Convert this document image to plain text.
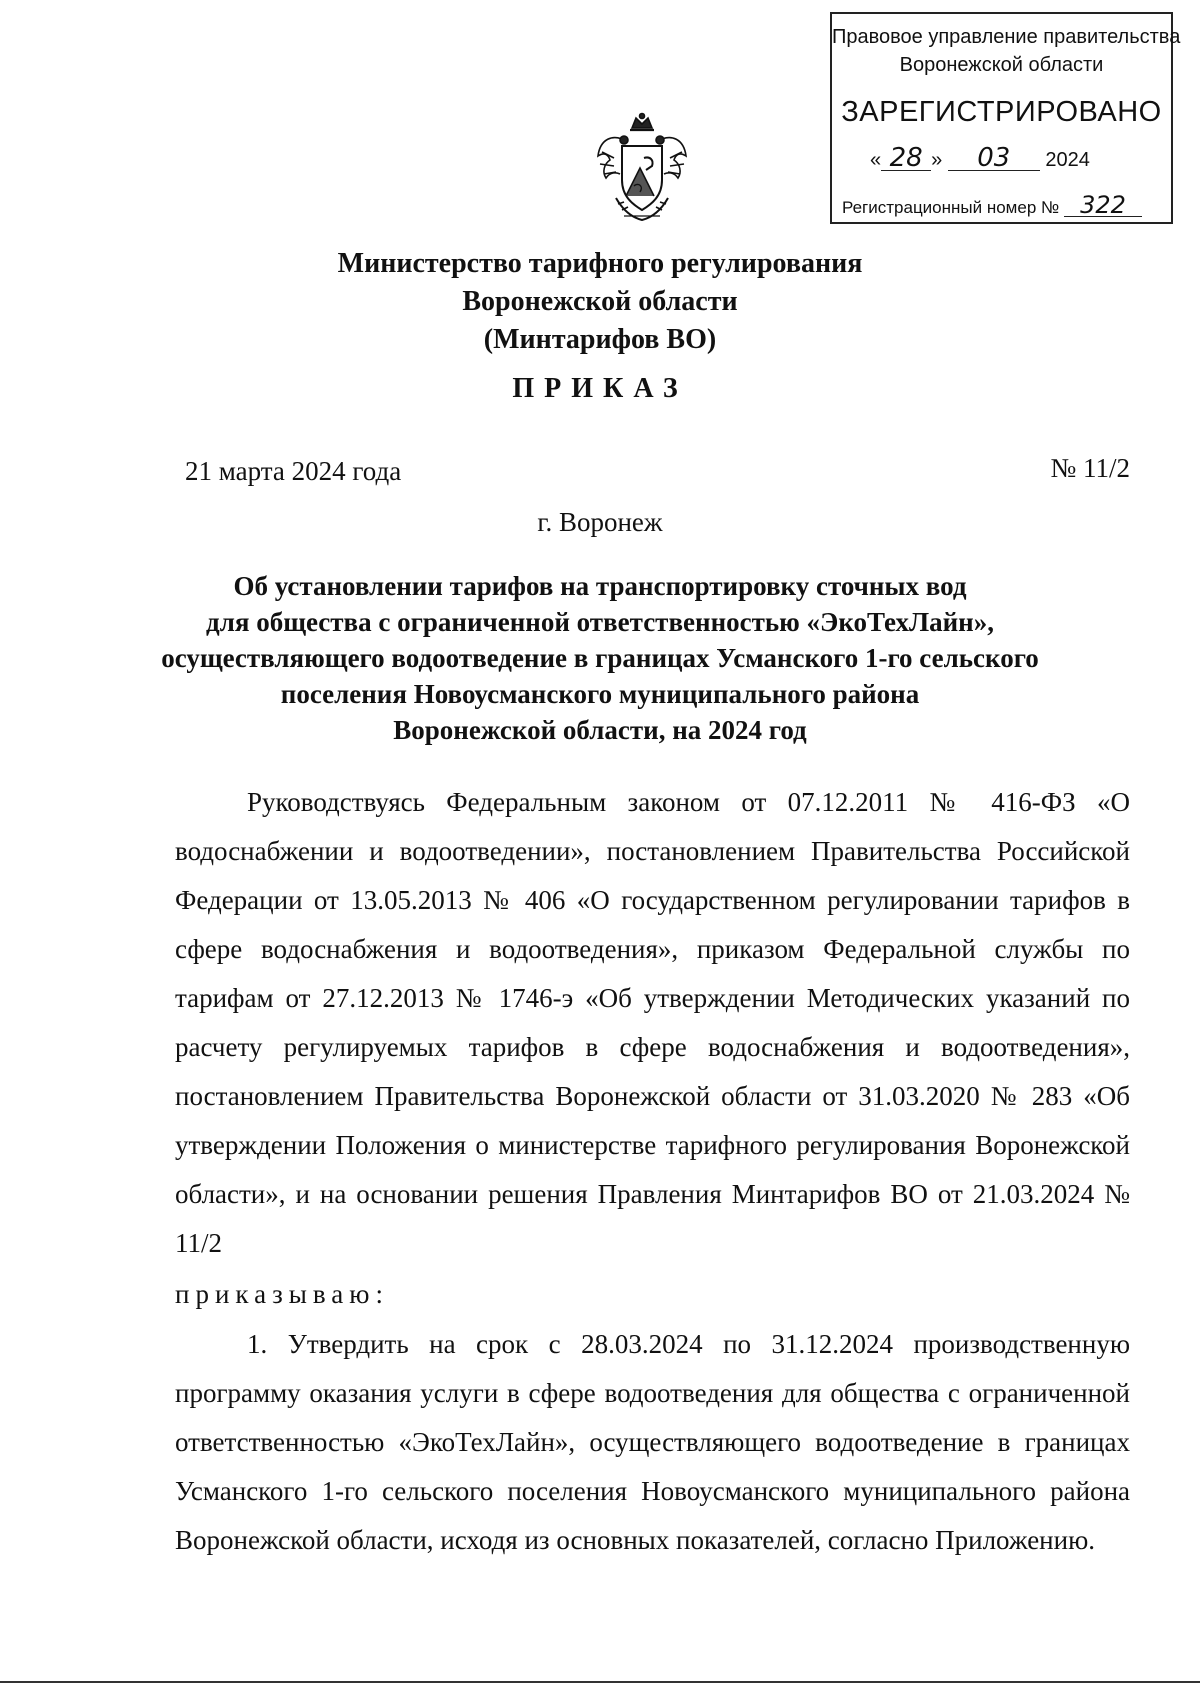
Правовое управление правительства
Воронежской области
ЗАРЕГИСТРИРОВАНО
« 28 » 03 2024
Регистрационный номер № 322
Министерство тарифного регулирования
Воронежской области
(Минтарифов ВО)
ПРИКАЗ
21 марта 2024 года	№ 11/2
г. Воронеж
Об установлении тарифов на транспортировку сточных вод
для общества с ограниченной ответственностью «ЭкоТехЛайн»,
осуществляющего водоотведение в границах Усманского 1-го сельского
поселения Новоусманского муниципального района
Воронежской области, на 2024 год
Руководствуясь Федеральным законом от 07.12.2011 № 416-ФЗ «О водоснабжении и водоотведении», постановлением Правительства Российской Федерации от 13.05.2013 № 406 «О государственном регулировании тарифов в сфере водоснабжения и водоотведения», приказом Федеральной службы по тарифам от 27.12.2013 № 1746-э «Об утверждении Методических указаний по расчету регулируемых тарифов в сфере водоснабжения и водоотведения», постановлением Правительства Воронежской области от 31.03.2020 № 283 «Об утверждении Положения о министерстве тарифного регулирования Воронежской области», и на основании решения Правления Минтарифов ВО от 21.03.2024 № 11/2
приказываю:
1. Утвердить на срок с 28.03.2024 по 31.12.2024 производственную программу оказания услуги в сфере водоотведения для общества с ограниченной ответственностью «ЭкоТехЛайн», осуществляющего водоотведение в границах Усманского 1-го сельского поселения Новоусманского муниципального района Воронежской области, исходя из основных показателей, согласно Приложению.
